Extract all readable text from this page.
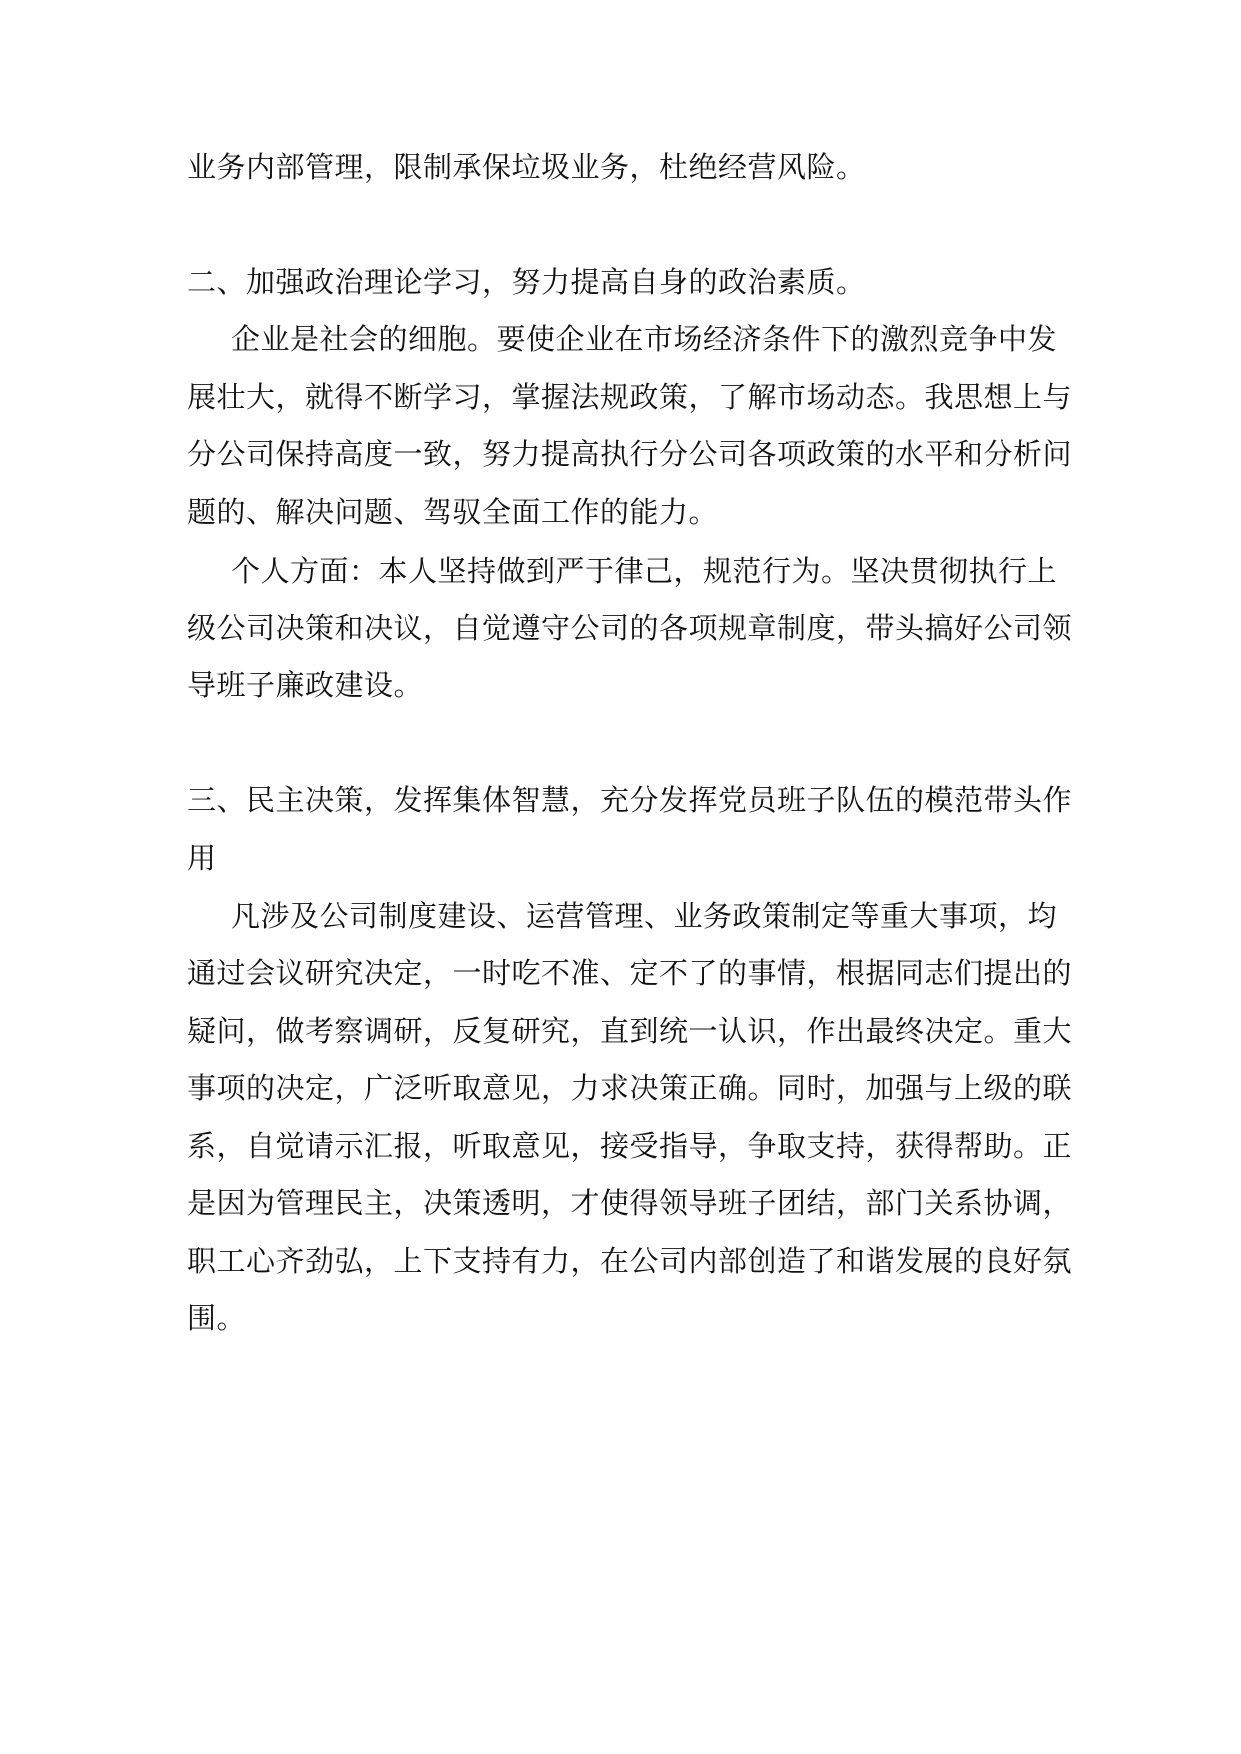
业务内部管理，限制承保垃圾业务，杜绝经营风险。
二、加强政治理论学习，努力提高自身的政治素质。
企业是社会的细胞。要使企业在市场经济条件下的激烈竞争中发
展壮大，就得不断学习，掌握法规政策，了解市场动态。我思想上与
分公司保持高度一致，努力提高执行分公司各项政策的水平和分析问
题的、解决问题、驾驭全面工作的能力。
个人方面：本人坚持做到严于律己，规范行为。坚决贯彻执行上
级公司决策和决议，自觉遵守公司的各项规章制度，带头搞好公司领
导班子廉政建设。
三、民主决策，发挥集体智慧，充分发挥党员班子队伍的模范带头作
用
凡涉及公司制度建设、运营管理、业务政策制定等重大事项，均
通过会议研究决定，一时吃不准、定不了的事情，根据同志们提出的
疑问，做考察调研，反复研究，直到统一认识，作出最终决定。重大
事项的决定，广泛听取意见，力求决策正确。同时，加强与上级的联
系，自觉请示汇报，听取意见，接受指导，争取支持，获得帮助。正
是因为管理民主，决策透明，才使得领导班子团结，部门关系协调，
职工心齐劲弘，上下支持有力，在公司内部创造了和谐发展的良好氛
围。
